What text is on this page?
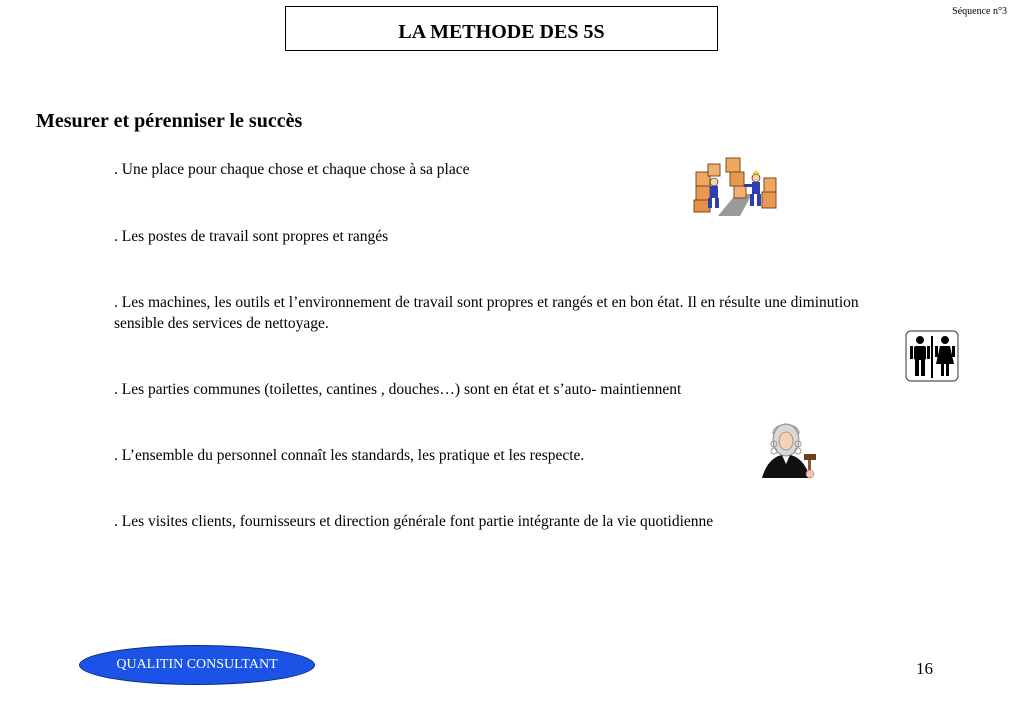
Séquence n°3
LA METHODE DES 5S
Mesurer et pérenniser le succès
. Une place pour chaque chose et chaque chose à sa place
. Les postes de travail sont propres et rangés
. Les machines, les outils et l’environnement de travail sont propres et rangés et en bon état. Il en résulte une diminution sensible des services de nettoyage.
. Les parties communes (toilettes, cantines , douches…) sont en état et s’auto- maintiennent
. L’ensemble du personnel connaît les standards, les pratique et les respecte.
. Les visites clients, fournisseurs et direction générale font partie intégrante de la vie quotidienne
QUALITIN CONSULTANT	16
